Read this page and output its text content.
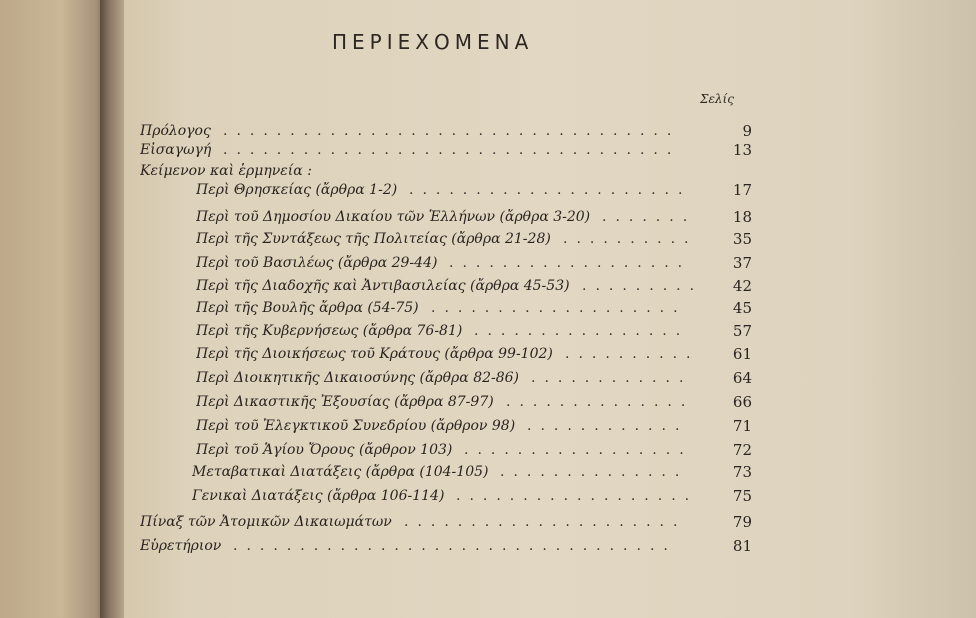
ΠΕΡΙΕΧΟΜΕΝΑ
Σελίς
Πρόλογος ..................................	9
Εἰσαγωγή ..................................	13
Κείμενον καὶ ἑρμηνεία :
Περὶ Θρησκείας (ἄρθρα 1-2) .....................	17
Περὶ τοῦ Δημοσίου Δικαίου τῶν Ἑλλήνων (ἄρθρα 3-20) .......	18
Περὶ τῆς Συντάξεως τῆς Πολιτείας (ἄρθρα 21-28) ..........	35
Περὶ τοῦ Βασιλέως (ἄρθρα 29-44) ..................	37
Περὶ τῆς Διαδοχῆς καὶ Ἀντιβασιλείας (ἄρθρα 45-53) .........	42
Περὶ τῆς Βουλῆς ἄρθρα (54-75) ...................	45
Περὶ τῆς Κυβερνήσεως (ἄρθρα 76-81) ................	57
Περὶ τῆς Διοικήσεως τοῦ Κράτους (ἄρθρα 99-102) ..........	61
Περὶ Διοικητικῆς Δικαιοσύνης (ἄρθρα 82-86) ............	64
Περὶ Δικαστικῆς Ἐξουσίας (ἄρθρα 87-97) ..............	66
Περὶ τοῦ Ἐλεγκτικοῦ Συνεδρίου (ἄρθρον 98) ............	71
Περὶ τοῦ Ἁγίου Ὄρους (ἄρθρον 103) .................	72
Μεταβατικαὶ Διατάξεις (ἄρθρα (104-105) ..............	73
Γενικαὶ Διατάξεις (ἄρθρα 106-114) ..................	75
Πίναξ τῶν Ἀτομικῶν Δικαιωμάτων .....................	79
Εὑρετήριον .................................	81
